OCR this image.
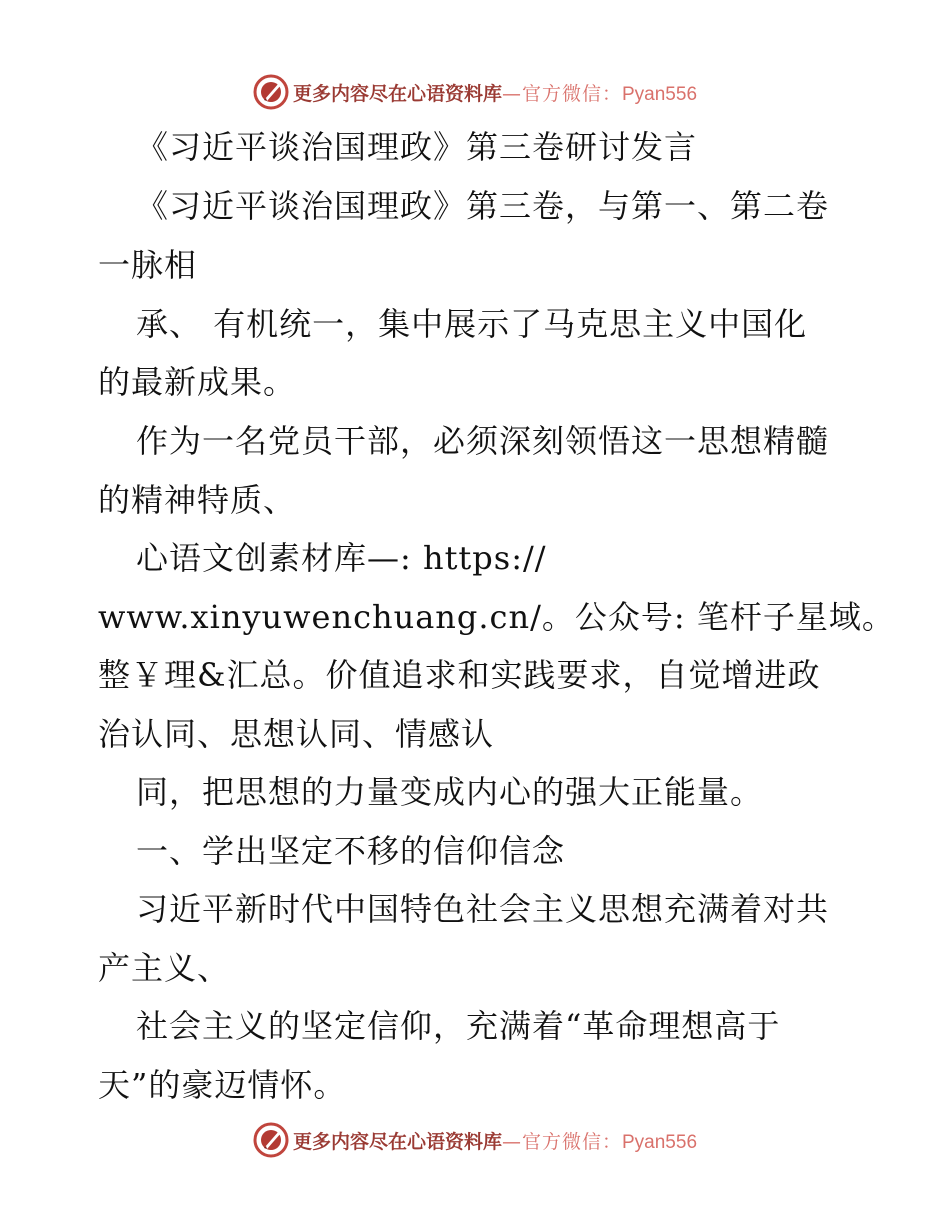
更多内容尽在心语资料库—官方微信：Pyan556
《习近平谈治国理政》第三卷研讨发言
《习近平谈治国理政》第三卷，与第一、第二卷
一脉相
承、 有机统一，集中展示了马克思主义中国化
的最新成果。
作为一名党员干部，必须深刻领悟这一思想精髓
的精神特质、
心语文创素材库—: https://
www.xinyuwenchuang.cn/。公众号: 笔杆子星域。
整￥理&汇总。价值追求和实践要求，自觉增进政
治认同、思想认同、情感认
同，把思想的力量变成内心的强大正能量。
一、学出坚定不移的信仰信念
习近平新时代中国特色社会主义思想充满着对共
产主义、
社会主义的坚定信仰，充满着“革命理想高于
天”的豪迈情怀。
更多内容尽在心语资料库—官方微信：Pyan556
